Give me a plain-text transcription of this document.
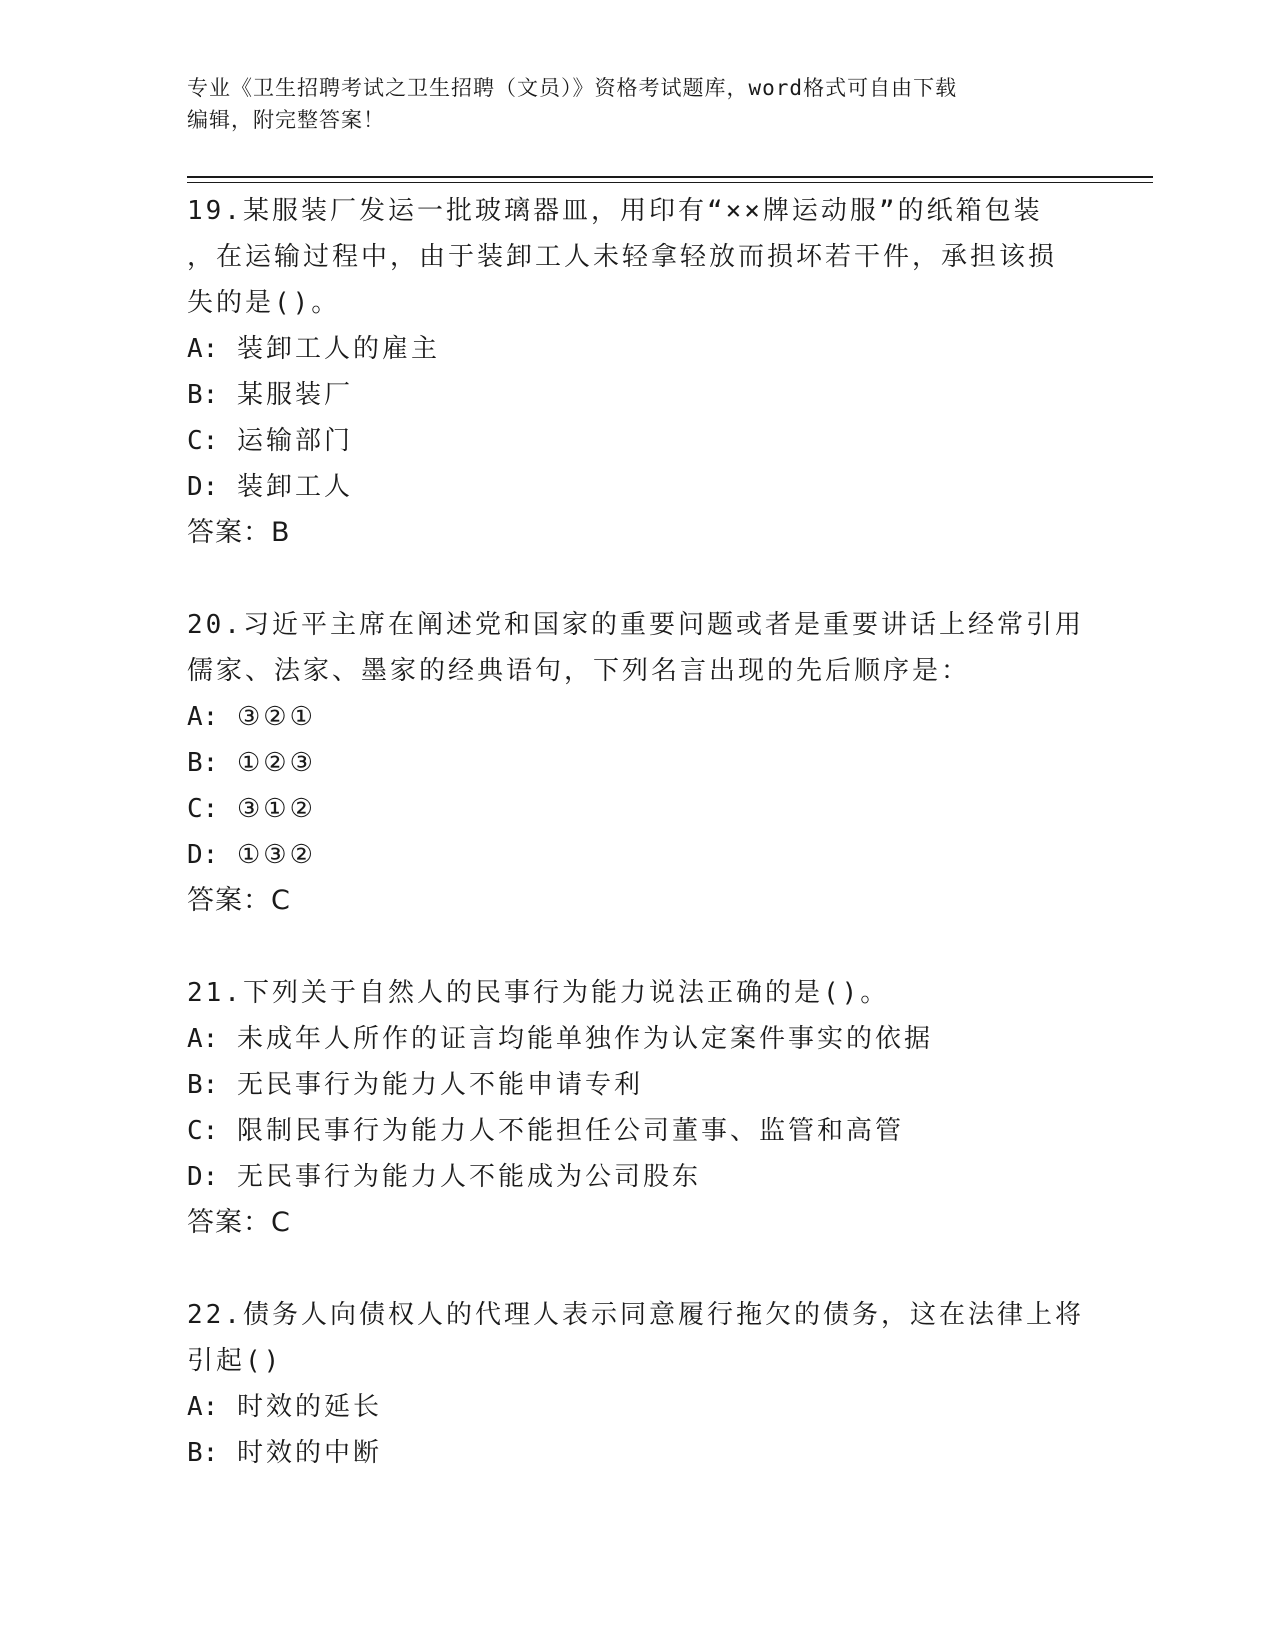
专业《卫生招聘考试之卫生招聘（文员）》资格考试题库，word格式可自由下载
编辑，附完整答案！
19.某服装厂发运一批玻璃器皿，用印有“××牌运动服”的纸箱包装
，在运输过程中，由于装卸工人未轻拿轻放而损坏若干件，承担该损
失的是()。
A: 装卸工人的雇主
B: 某服装厂
C: 运输部门
D: 装卸工人
答案：B
20.习近平主席在阐述党和国家的重要问题或者是重要讲话上经常引用
儒家、法家、墨家的经典语句，下列名言出现的先后顺序是：
A: ③②①
B: ①②③
C: ③①②
D: ①③②
答案：C
21.下列关于自然人的民事行为能力说法正确的是()。
A: 未成年人所作的证言均能单独作为认定案件事实的依据
B: 无民事行为能力人不能申请专利
C: 限制民事行为能力人不能担任公司董事、监管和高管
D: 无民事行为能力人不能成为公司股东
答案：C
22.债务人向债权人的代理人表示同意履行拖欠的债务，这在法律上将
引起()
A: 时效的延长
B: 时效的中断
